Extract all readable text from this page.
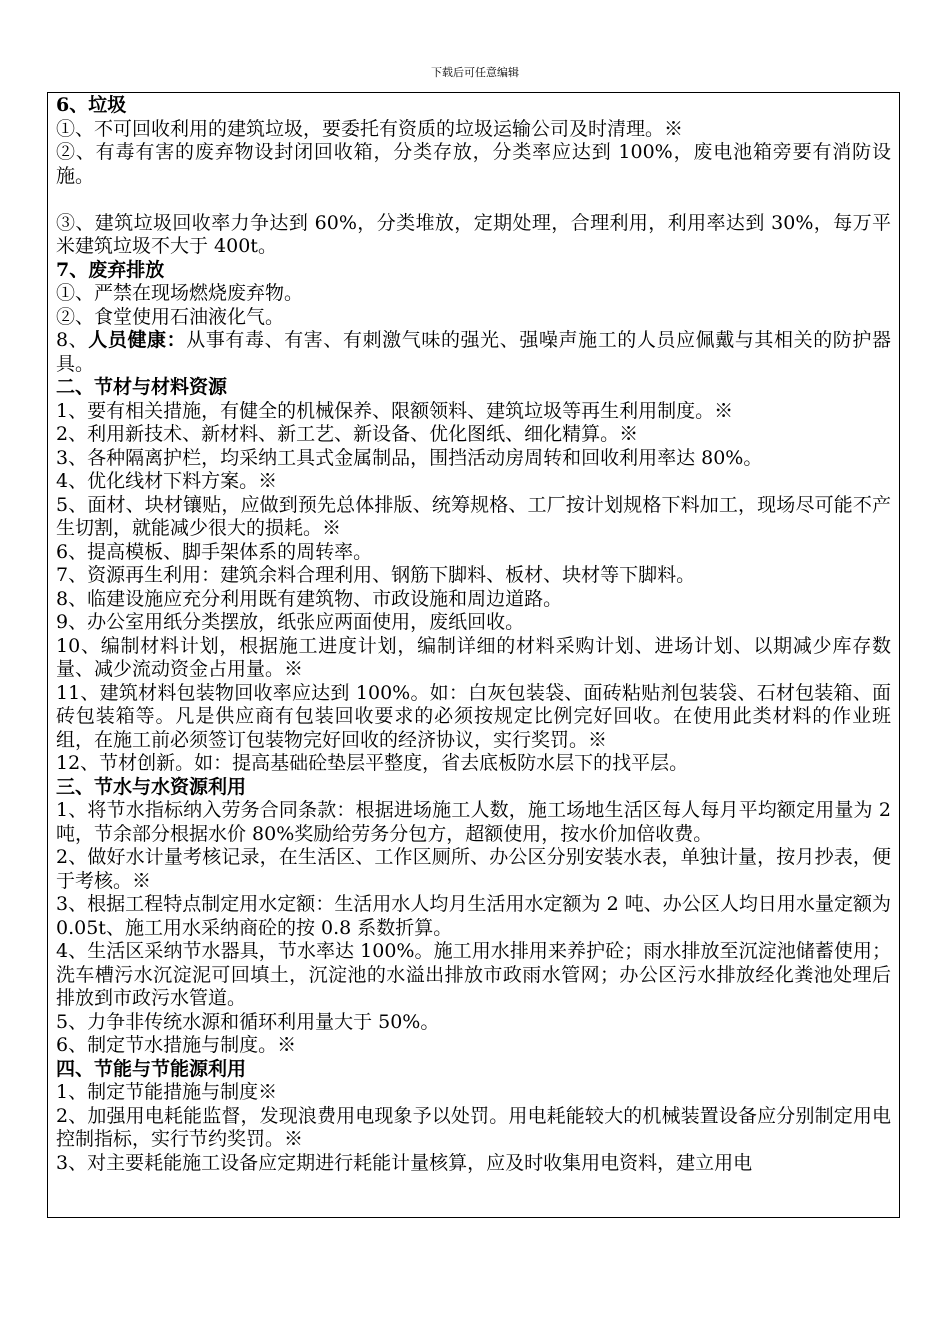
下载后可任意编辑
6、垃圾
①、不可回收利用的建筑垃圾，要委托有资质的垃圾运输公司及时清理。※
②、有毒有害的废弃物设封闭回收箱，分类存放，分类率应达到 100%，废电池箱旁要有消防设施。
③、建筑垃圾回收率力争达到 60%，分类堆放，定期处理，合理利用，利用率达到 30%，每万平米建筑垃圾不大于 400t。
7、废弃排放
①、严禁在现场燃烧废弃物。
②、食堂使用石油液化气。
8、人员健康：从事有毒、有害、有刺激气味的强光、强噪声施工的人员应佩戴与其相关的防护器具。
二、节材与材料资源
1、要有相关措施，有健全的机械保养、限额领料、建筑垃圾等再生利用制度。※
2、利用新技术、新材料、新工艺、新设备、优化图纸、细化精算。※
3、各种隔离护栏，均采纳工具式金属制品，围挡活动房周转和回收利用率达 80%。
4、优化线材下料方案。※
5、面材、块材镶贴，应做到预先总体排版、统筹规格、工厂按计划规格下料加工，现场尽可能不产生切割，就能减少很大的损耗。※
6、提高模板、脚手架体系的周转率。
7、资源再生利用：建筑余料合理利用、钢筋下脚料、板材、块材等下脚料。
8、临建设施应充分利用既有建筑物、市政设施和周边道路。
9、办公室用纸分类摆放，纸张应两面使用，废纸回收。
10、编制材料计划，根据施工进度计划，编制详细的材料采购计划、进场计划、以期减少库存数量、减少流动资金占用量。※
11、建筑材料包装物回收率应达到 100%。如：白灰包装袋、面砖粘贴剂包装袋、石材包装箱、面砖包装箱等。凡是供应商有包装回收要求的必须按规定比例完好回收。在使用此类材料的作业班组，在施工前必须签订包装物完好回收的经济协议，实行奖罚。※
12、节材创新。如：提高基础砼垫层平整度，省去底板防水层下的找平层。
三、节水与水资源利用
1、将节水指标纳入劳务合同条款：根据进场施工人数，施工场地生活区每人每月平均额定用量为 2 吨，节余部分根据水价 80%奖励给劳务分包方，超额使用，按水价加倍收费。
2、做好水计量考核记录，在生活区、工作区厕所、办公区分别安装水表，单独计量，按月抄表，便于考核。※
3、根据工程特点制定用水定额：生活用水人均月生活用水定额为 2 吨、办公区人均日用水量定额为 0.05t、施工用水采纳商砼的按 0.8 系数折算。
4、生活区采纳节水器具，节水率达 100%。施工用水排用来养护砼；雨水排放至沉淀池储蓄使用；洗车槽污水沉淀泥可回填土，沉淀池的水溢出排放市政雨水管网；办公区污水排放经化粪池处理后排放到市政污水管道。
5、力争非传统水源和循环利用量大于 50%。
6、制定节水措施与制度。※
四、节能与节能源利用
1、制定节能措施与制度※
2、加强用电耗能监督，发现浪费用电现象予以处罚。用电耗能较大的机械装置设备应分别制定用电控制指标，实行节约奖罚。※
3、对主要耗能施工设备应定期进行耗能计量核算，应及时收集用电资料，建立用电
